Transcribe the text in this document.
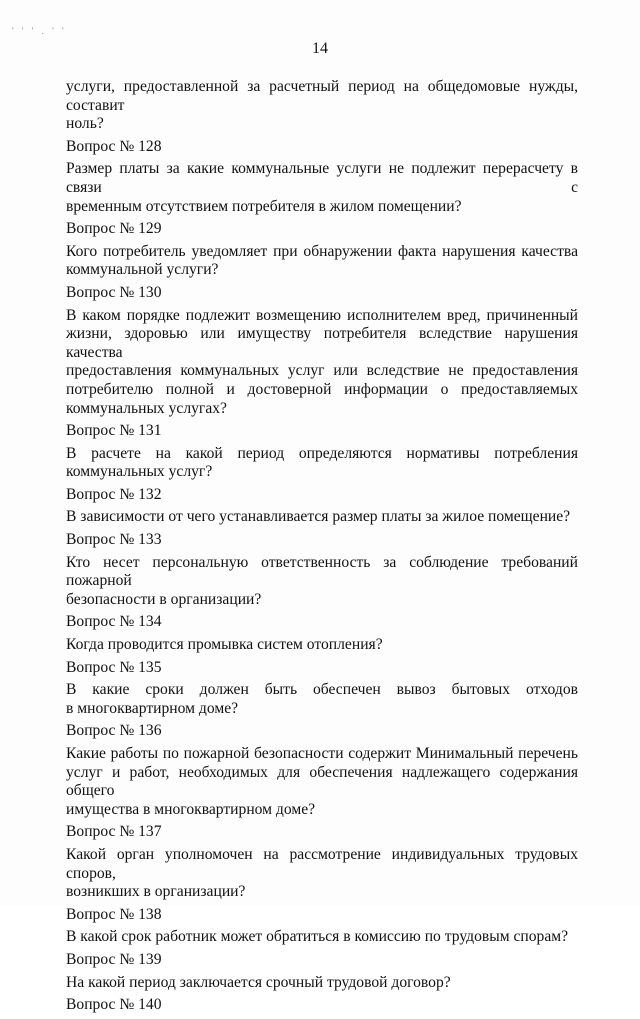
' ' ' . ' '
14
услуги, предоставленной за расчетный период на общедомовые нужды, составит
ноль?
Вопрос № 128
Размер платы за какие коммунальные услуги не подлежит перерасчету в связи с
временным отсутствием потребителя в жилом помещении?
Вопрос № 129
Кого потребитель уведомляет при обнаружении факта нарушения качества
коммунальной услуги?
Вопрос № 130
В каком порядке подлежит возмещению исполнителем вред, причиненный
жизни, здоровью или имуществу потребителя вследствие нарушения качества
предоставления коммунальных услуг или вследствие не предоставления
потребителю полной и достоверной информации о предоставляемых
коммунальных услугах?
Вопрос № 131
В расчете на какой период определяются нормативы потребления
коммунальных услуг?
Вопрос № 132
В зависимости от чего устанавливается размер платы за жилое помещение?
Вопрос № 133
Кто несет персональную ответственность за соблюдение требований пожарной
безопасности в организации?
Вопрос № 134
Когда проводится промывка систем отопления?
Вопрос № 135
В какие сроки должен быть обеспечен вывоз бытовых отходов
в многоквартирном доме?
Вопрос № 136
Какие работы по пожарной безопасности содержит Минимальный перечень
услуг и работ, необходимых для обеспечения надлежащего содержания общего
имущества в многоквартирном доме?
Вопрос № 137
Какой орган уполномочен на рассмотрение индивидуальных трудовых споров,
возникших в организации?
Вопрос № 138
В какой срок работник может обратиться в комиссию по трудовым спорам?
Вопрос № 139
На какой период заключается срочный трудовой договор?
Вопрос № 140
